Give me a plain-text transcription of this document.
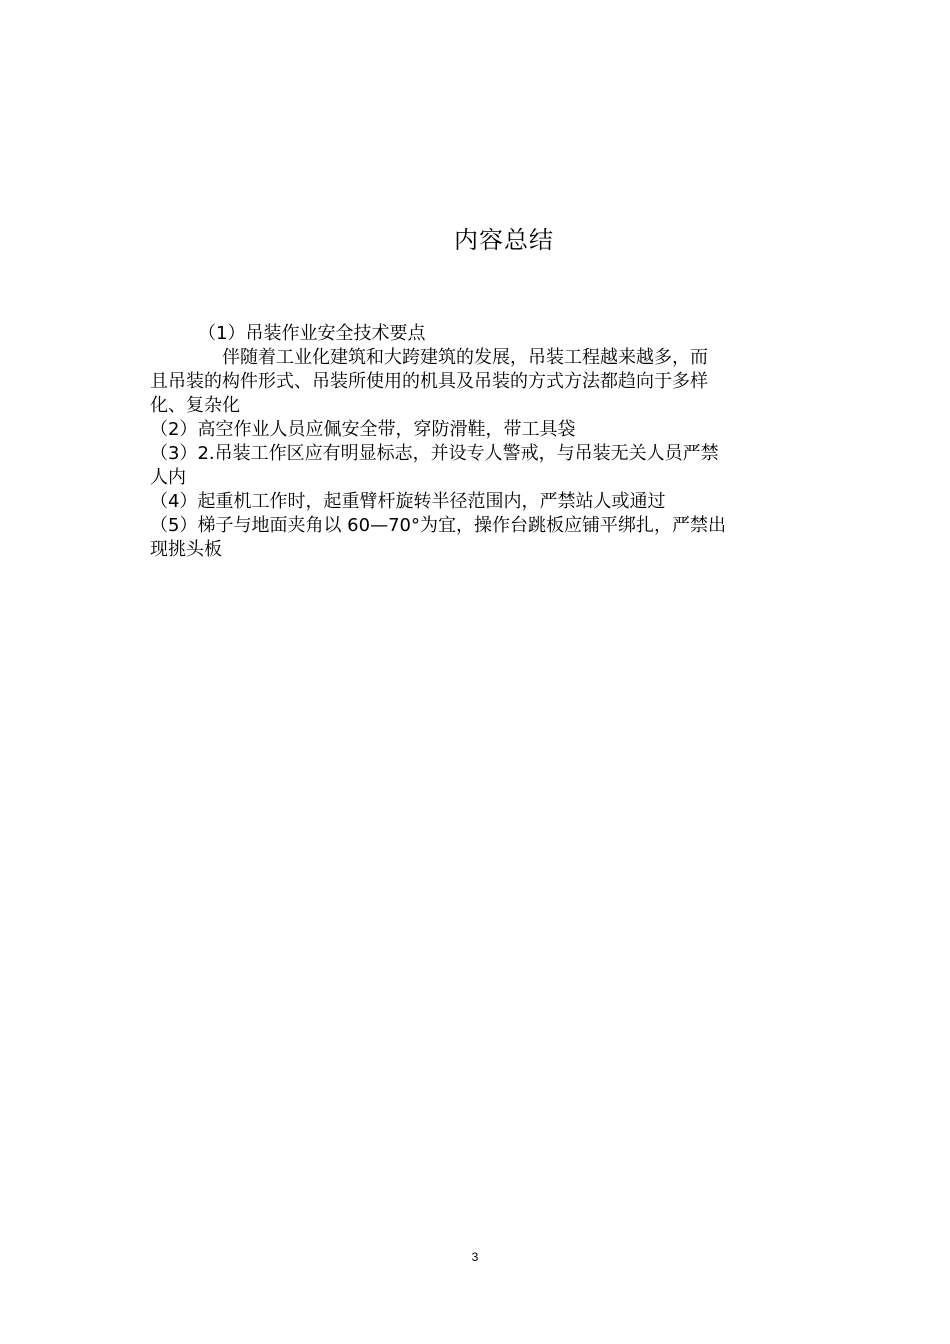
内容总结
（1）吊装作业安全技术要点
伴随着工业化建筑和大跨建筑的发展，吊装工程越来越多，而
且吊装的构件形式、吊装所使用的机具及吊装的方式方法都趋向于多样
化、复杂化
（2）高空作业人员应佩安全带，穿防滑鞋，带工具袋
（3）2.吊装工作区应有明显标志，并设专人警戒，与吊装无关人员严禁
人内
（4）起重机工作时，起重臂杆旋转半径范围内，严禁站人或通过
（5）梯子与地面夹角以 60—70°为宜，操作台跳板应铺平绑扎，严禁出
现挑头板
3
